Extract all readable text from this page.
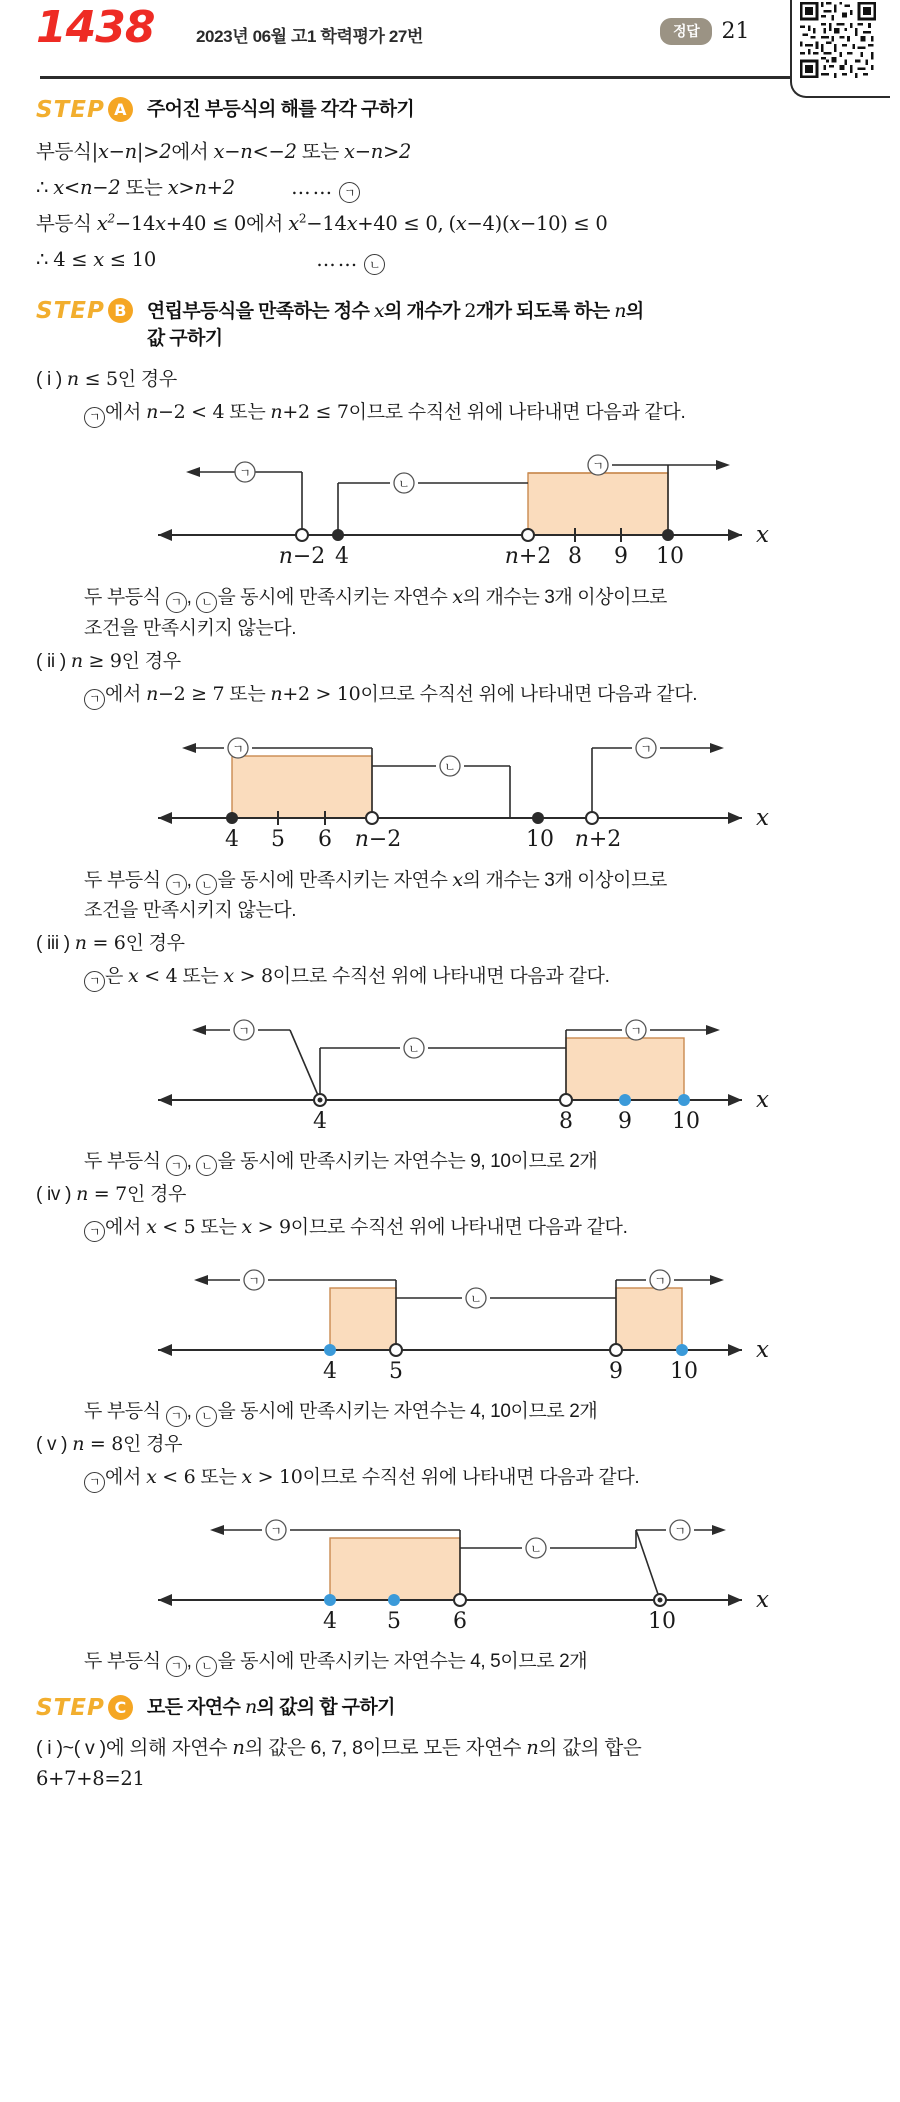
1438 2023년 06월 고1 학력평가 27번	정답	21
STEP A	주어진 부등식의 해를 각각 구하기
부등식|x−n|>2에서 x−n<−2 또는 x−n>2
∴ x<n−2 또는 x>n+2	…… ㄱ
부등식 $x^2-14x+40 \le 0$에서 $x^2-14x+40 \le 0$, (x−4)(x−10) ≤ 0
∴ 4 ≤ x ≤ 10	…… ㄴ
STEP B	연립부등식을 만족하는 정수 x의 개수가 2개가 되도록 하는 n의
값 구하기
( i ) n ≤ 5인 경우
ㄱ 에서 n−2 < 4 또는 n+2 ≤ 7이므로 수직선 위에 나타내면 다음과 같다.
x
ㄱ
ㄴ
ㄱ
n−2 4	n+2 8 9 10
두 부등식 ㄱ , ㄴ 을 동시에 만족시키는 자연수 x의 개수는 3개 이상이므로
조건을 만족시키지 않는다.
( ii ) n ≥ 9인 경우
ㄱ 에서 n−2 ≥ 7 또는 n+2 > 10이므로 수직선 위에 나타내면 다음과 같다.
x
ㄱ
ㄴ
ㄱ
4 5 6 n−2	10 n+2
두 부등식 ㄱ , ㄴ 을 동시에 만족시키는 자연수 x의 개수는 3개 이상이므로
조건을 만족시키지 않는다.
( iii ) n = 6인 경우
ㄱ 은 x < 4 또는 x > 8이므로 수직선 위에 나타내면 다음과 같다.
x
ㄱ
ㄴ
ㄱ
4	8 9 10
두 부등식 ㄱ , ㄴ 을 동시에 만족시키는 자연수는 9, 10이므로 2개
( iv ) n = 7인 경우
ㄱ 에서 x < 5 또는 x > 9이므로 수직선 위에 나타내면 다음과 같다.
x
ㄱ
ㄴ
ㄱ
4 5	9 10
두 부등식 ㄱ , ㄴ 을 동시에 만족시키는 자연수는 4, 10이므로 2개
( v ) n = 8인 경우
ㄱ 에서 x < 6 또는 x > 10이므로 수직선 위에 나타내면 다음과 같다.
x
ㄱ
ㄴ
ㄱ
4 5 6	10
두 부등식 ㄱ , ㄴ 을 동시에 만족시키는 자연수는 4, 5이므로 2개
STEP C	모든 자연수 n의 값의 합 구하기
( i )~( v )에 의해 자연수 n의 값은 6, 7, 8이므로 모든 자연수 n의 값의 합은
6+7+8=21
